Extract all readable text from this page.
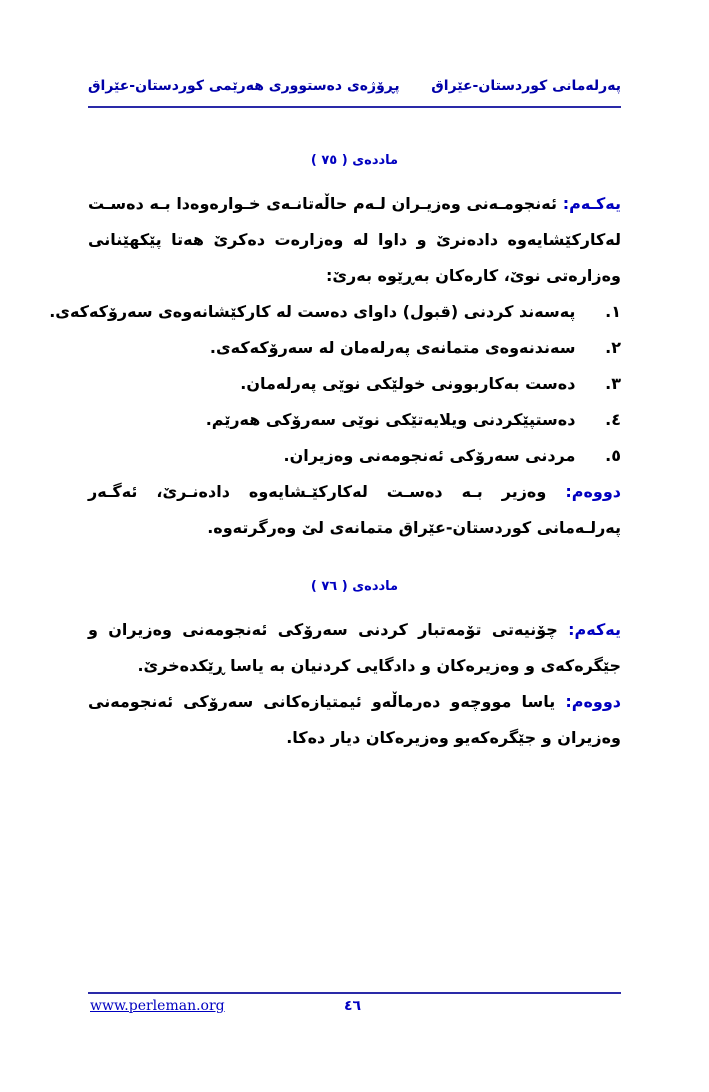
پڕۆژەی دەستووری هەرێمی كوردستان-عێراق پەرلەمانی كوردستان-عێراق

ماددەی ( ٧٥ )

یەكـەم: ئەنجومـەنی وەزیـران لـەم حاڵەتانـەی خـوارەوەدا بـە دەسـت لەكاركێشایەوە دادەنرێ و داوا لە وەزارەت دەكرێ هەتا پێكهێنانی وەزارەتی نوێ، كارەكان بەڕێوە بەرێ:

١. پەسەند كردنی (قبول) داوای دەست لە كاركێشانەوەی سەرۆكەكەی.
٢. سەندنەوەی متمانەی پەرلەمان لە سەرۆكەكەی.
٣. دەست بەكاربوونی خولێكی نوێی پەرلەمان.
٤. دەستپێكردنی ویلایەتێكی نوێی سەرۆكی هەرێم.
٥. مردنی سەرۆكی ئەنجومەنی وەزیران.

دووەم: وەزیر بـە دەسـت لەكاركێـشایەوە دادەنـرێ، ئەگـەر پەرلـەمانی كوردستان-عێراق متمانەی لێ وەرگرتەوە.

ماددەی ( ٧٦ )

یەكەم: چۆنیەتی تۆمەتبار كردنی سەرۆكی ئەنجومەنی وەزیران و جێگرەكەی و وەزیرەكان و دادگایی كردنیان بە یاسا ڕێكدەخرێ.

دووەم: یاسا مووچەو دەرماڵەو ئیمتیازەكانی سەرۆكی ئەنجومەنی وەزیران و جێگرەكەیو وەزیرەكان دیار دەكا.

www.perleman.org	٤٦
